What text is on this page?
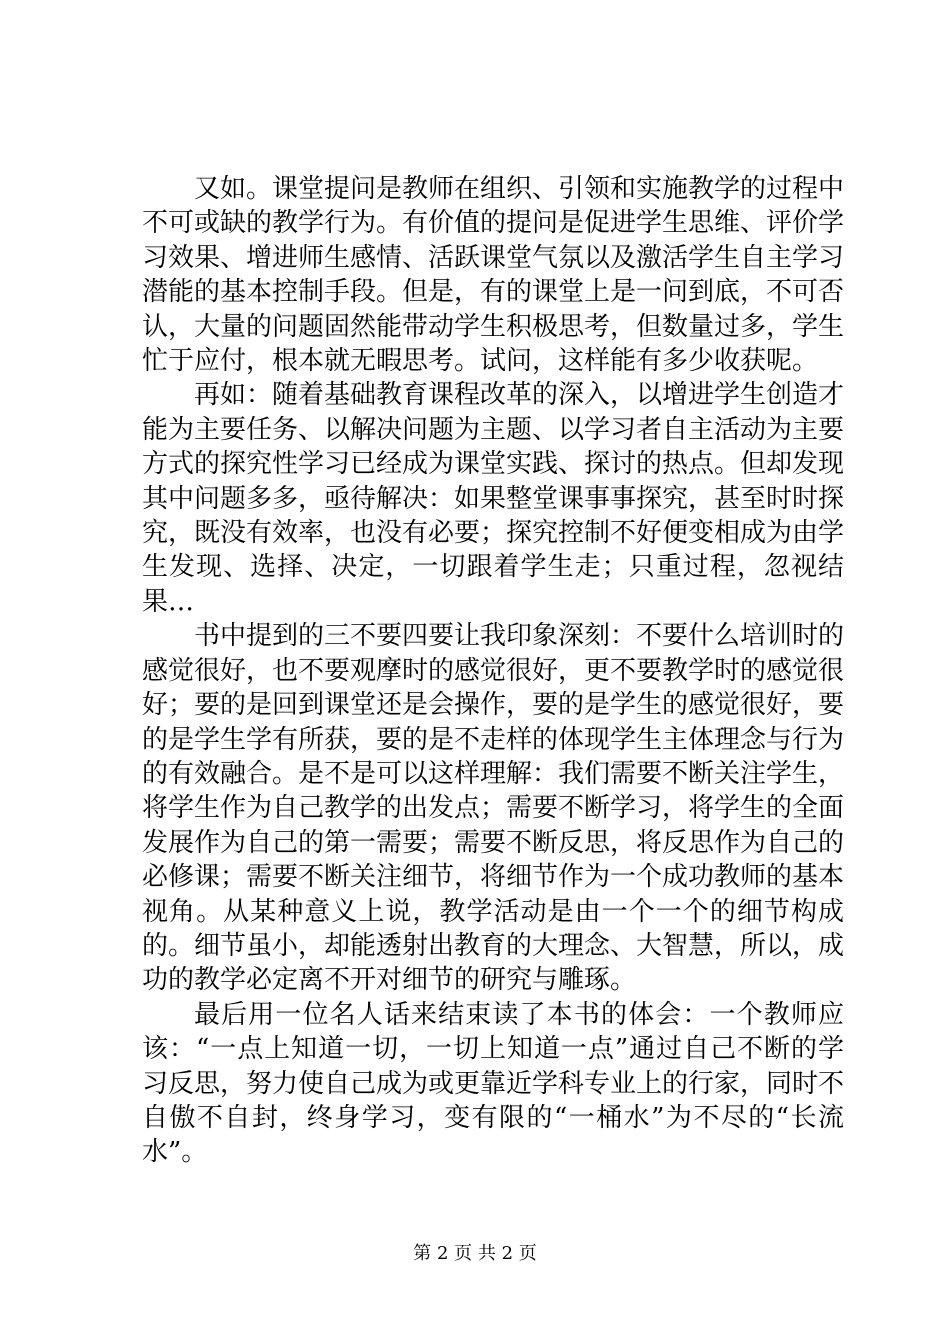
又如。课堂提问是教师在组织、引领和实施教学的过程中不可或缺的教学行为。有价值的提问是促进学生思维、评价学习效果、增进师生感情、活跃课堂气氛以及激活学生自主学习潜能的基本控制手段。但是，有的课堂上是一问到底，不可否认，大量的问题固然能带动学生积极思考，但数量过多，学生忙于应付，根本就无暇思考。试问，这样能有多少收获呢。

再如：随着基础教育课程改革的深入，以增进学生创造才能为主要任务、以解决问题为主题、以学习者自主活动为主要方式的探究性学习已经成为课堂实践、探讨的热点。但却发现其中问题多多，亟待解决：如果整堂课事事探究，甚至时时探究，既没有效率，也没有必要；探究控制不好便变相成为由学生发现、选择、决定，一切跟着学生走；只重过程，忽视结果…

书中提到的三不要四要让我印象深刻：不要什么培训时的感觉很好，也不要观摩时的感觉很好，更不要教学时的感觉很好；要的是回到课堂还是会操作，要的是学生的感觉很好，要的是学生学有所获，要的是不走样的体现学生主体理念与行为的有效融合。是不是可以这样理解：我们需要不断关注学生，将学生作为自己教学的出发点；需要不断学习，将学生的全面发展作为自己的第一需要；需要不断反思，将反思作为自己的必修课；需要不断关注细节，将细节作为一个成功教师的基本视角。从某种意义上说，教学活动是由一个一个的细节构成的。细节虽小，却能透射出教育的大理念、大智慧，所以，成功的教学必定离不开对细节的研究与雕琢。

最后用一位名人话来结束读了本书的体会：一个教师应该：“一点上知道一切，一切上知道一点”通过自己不断的学习反思，努力使自己成为或更靠近学科专业上的行家，同时不自傲不自封，终身学习，变有限的“一桶水”为不尽的“长流水”。

第 2 页 共 2 页
